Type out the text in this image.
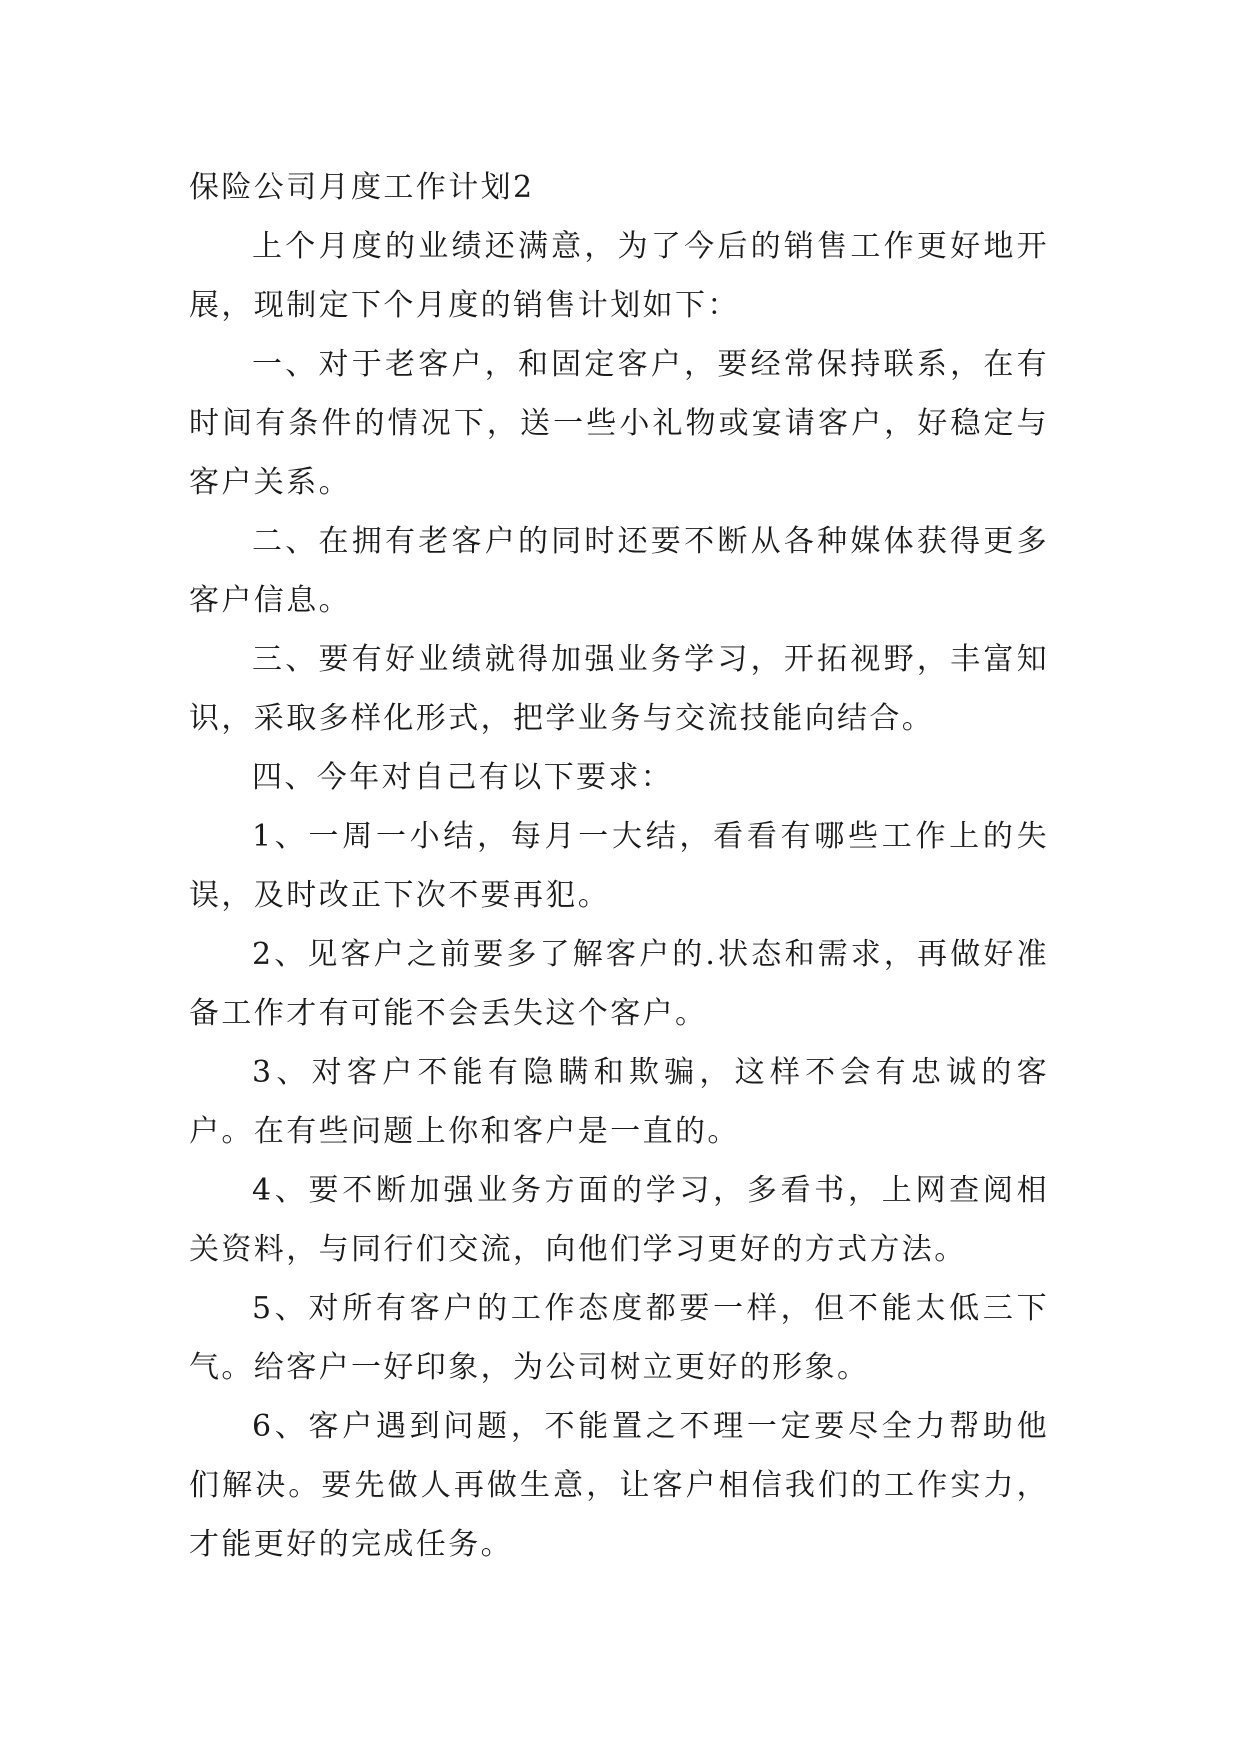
保险公司月度工作计划2

上个月度的业绩还满意，为了今后的销售工作更好地开展，现制定下个月度的销售计划如下：

一、对于老客户，和固定客户，要经常保持联系，在有时间有条件的情况下，送一些小礼物或宴请客户，好稳定与客户关系。

二、在拥有老客户的同时还要不断从各种媒体获得更多客户信息。

三、要有好业绩就得加强业务学习，开拓视野，丰富知识，采取多样化形式，把学业务与交流技能向结合。

四、今年对自己有以下要求：

1、一周一小结，每月一大结，看看有哪些工作上的失误，及时改正下次不要再犯。

2、见客户之前要多了解客户的.状态和需求，再做好准备工作才有可能不会丢失这个客户。

3、对客户不能有隐瞒和欺骗，这样不会有忠诚的客户。在有些问题上你和客户是一直的。

4、要不断加强业务方面的学习，多看书，上网查阅相关资料，与同行们交流，向他们学习更好的方式方法。

5、对所有客户的工作态度都要一样，但不能太低三下气。给客户一好印象，为公司树立更好的形象。

6、客户遇到问题，不能置之不理一定要尽全力帮助他们解决。要先做人再做生意，让客户相信我们的工作实力，才能更好的完成任务。
